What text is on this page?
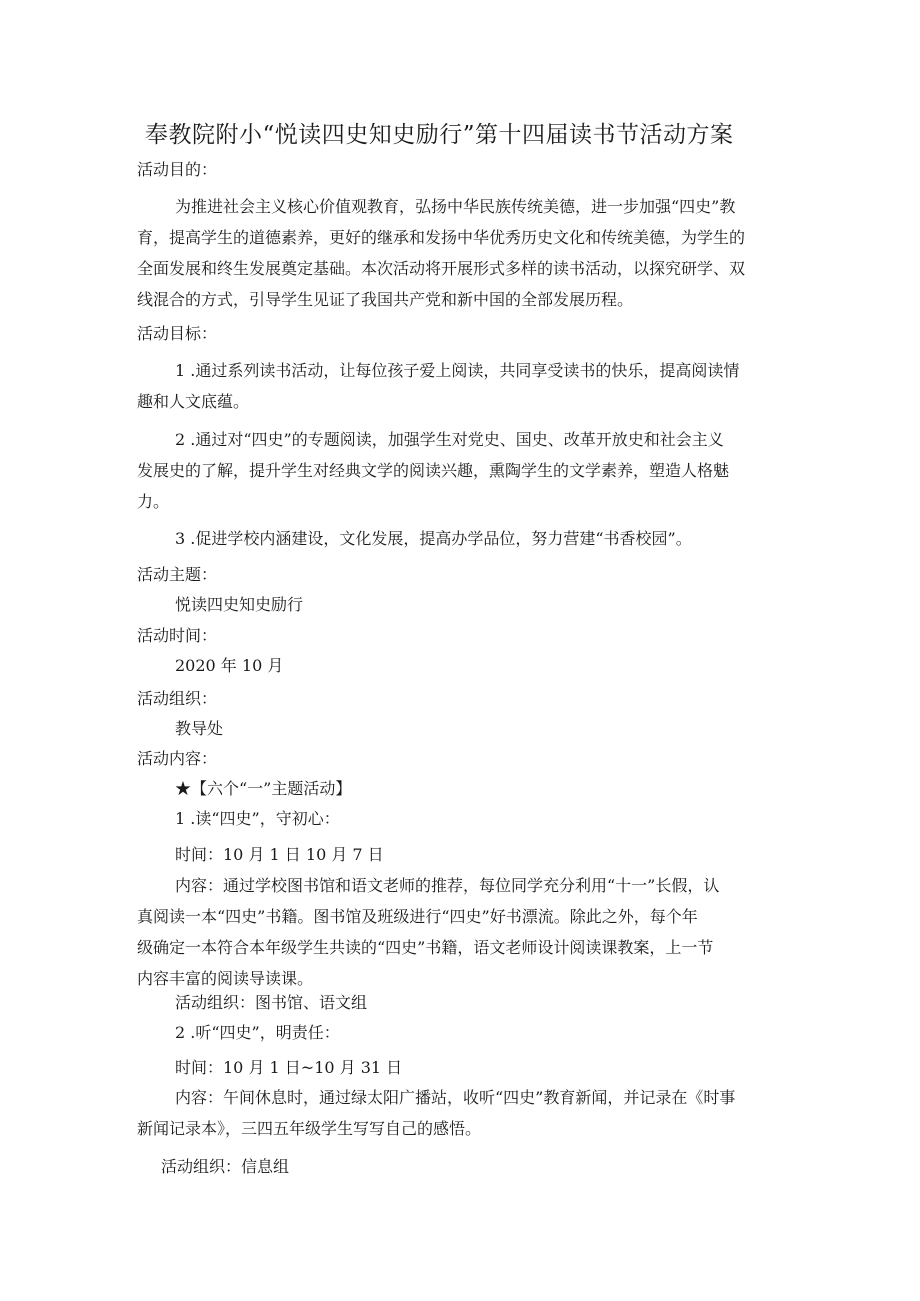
奉教院附小“悦读四史知史励行”第十四届读书节活动方案
活动目的：
为推进社会主义核心价值观教育，弘扬中华民族传统美德，进一步加强“四史”教
育，提高学生的道德素养，更好的继承和发扬中华优秀历史文化和传统美德，为学生的
全面发展和终生发展奠定基础。本次活动将开展形式多样的读书活动，以探究研学、双
线混合的方式，引导学生见证了我国共产党和新中国的全部发展历程。
活动目标：
1 .通过系列读书活动，让每位孩子爱上阅读，共同享受读书的快乐，提高阅读情
趣和人文底蕴。
2 .通过对“四史”的专题阅读，加强学生对党史、国史、改革开放史和社会主义
发展史的了解，提升学生对经典文学的阅读兴趣，熏陶学生的文学素养，塑造人格魅
力。
3 .促进学校内涵建设，文化发展，提高办学品位，努力营建“书香校园”。
活动主题：
悦读四史知史励行
活动时间：
2020 年 10 月
活动组织：
教导处
活动内容：
★【六个“一”主题活动】
1 .读“四史”，守初心：
时间：10 月 1 日 10 月 7 日
内容：通过学校图书馆和语文老师的推荐，每位同学充分利用“十一”长假，认
真阅读一本“四史”书籍。图书馆及班级进行“四史”好书漂流。除此之外，每个年
级确定一本符合本年级学生共读的“四史”书籍，语文老师设计阅读课教案，上一节
内容丰富的阅读导读课。
活动组织：图书馆、语文组
2 .听“四史”，明责任：
时间：10 月 1 日~10 月 31 日
内容：午间休息时，通过绿太阳广播站，收听“四史”教育新闻，并记录在《时事
新闻记录本》，三四五年级学生写写自己的感悟。
活动组织：信息组
